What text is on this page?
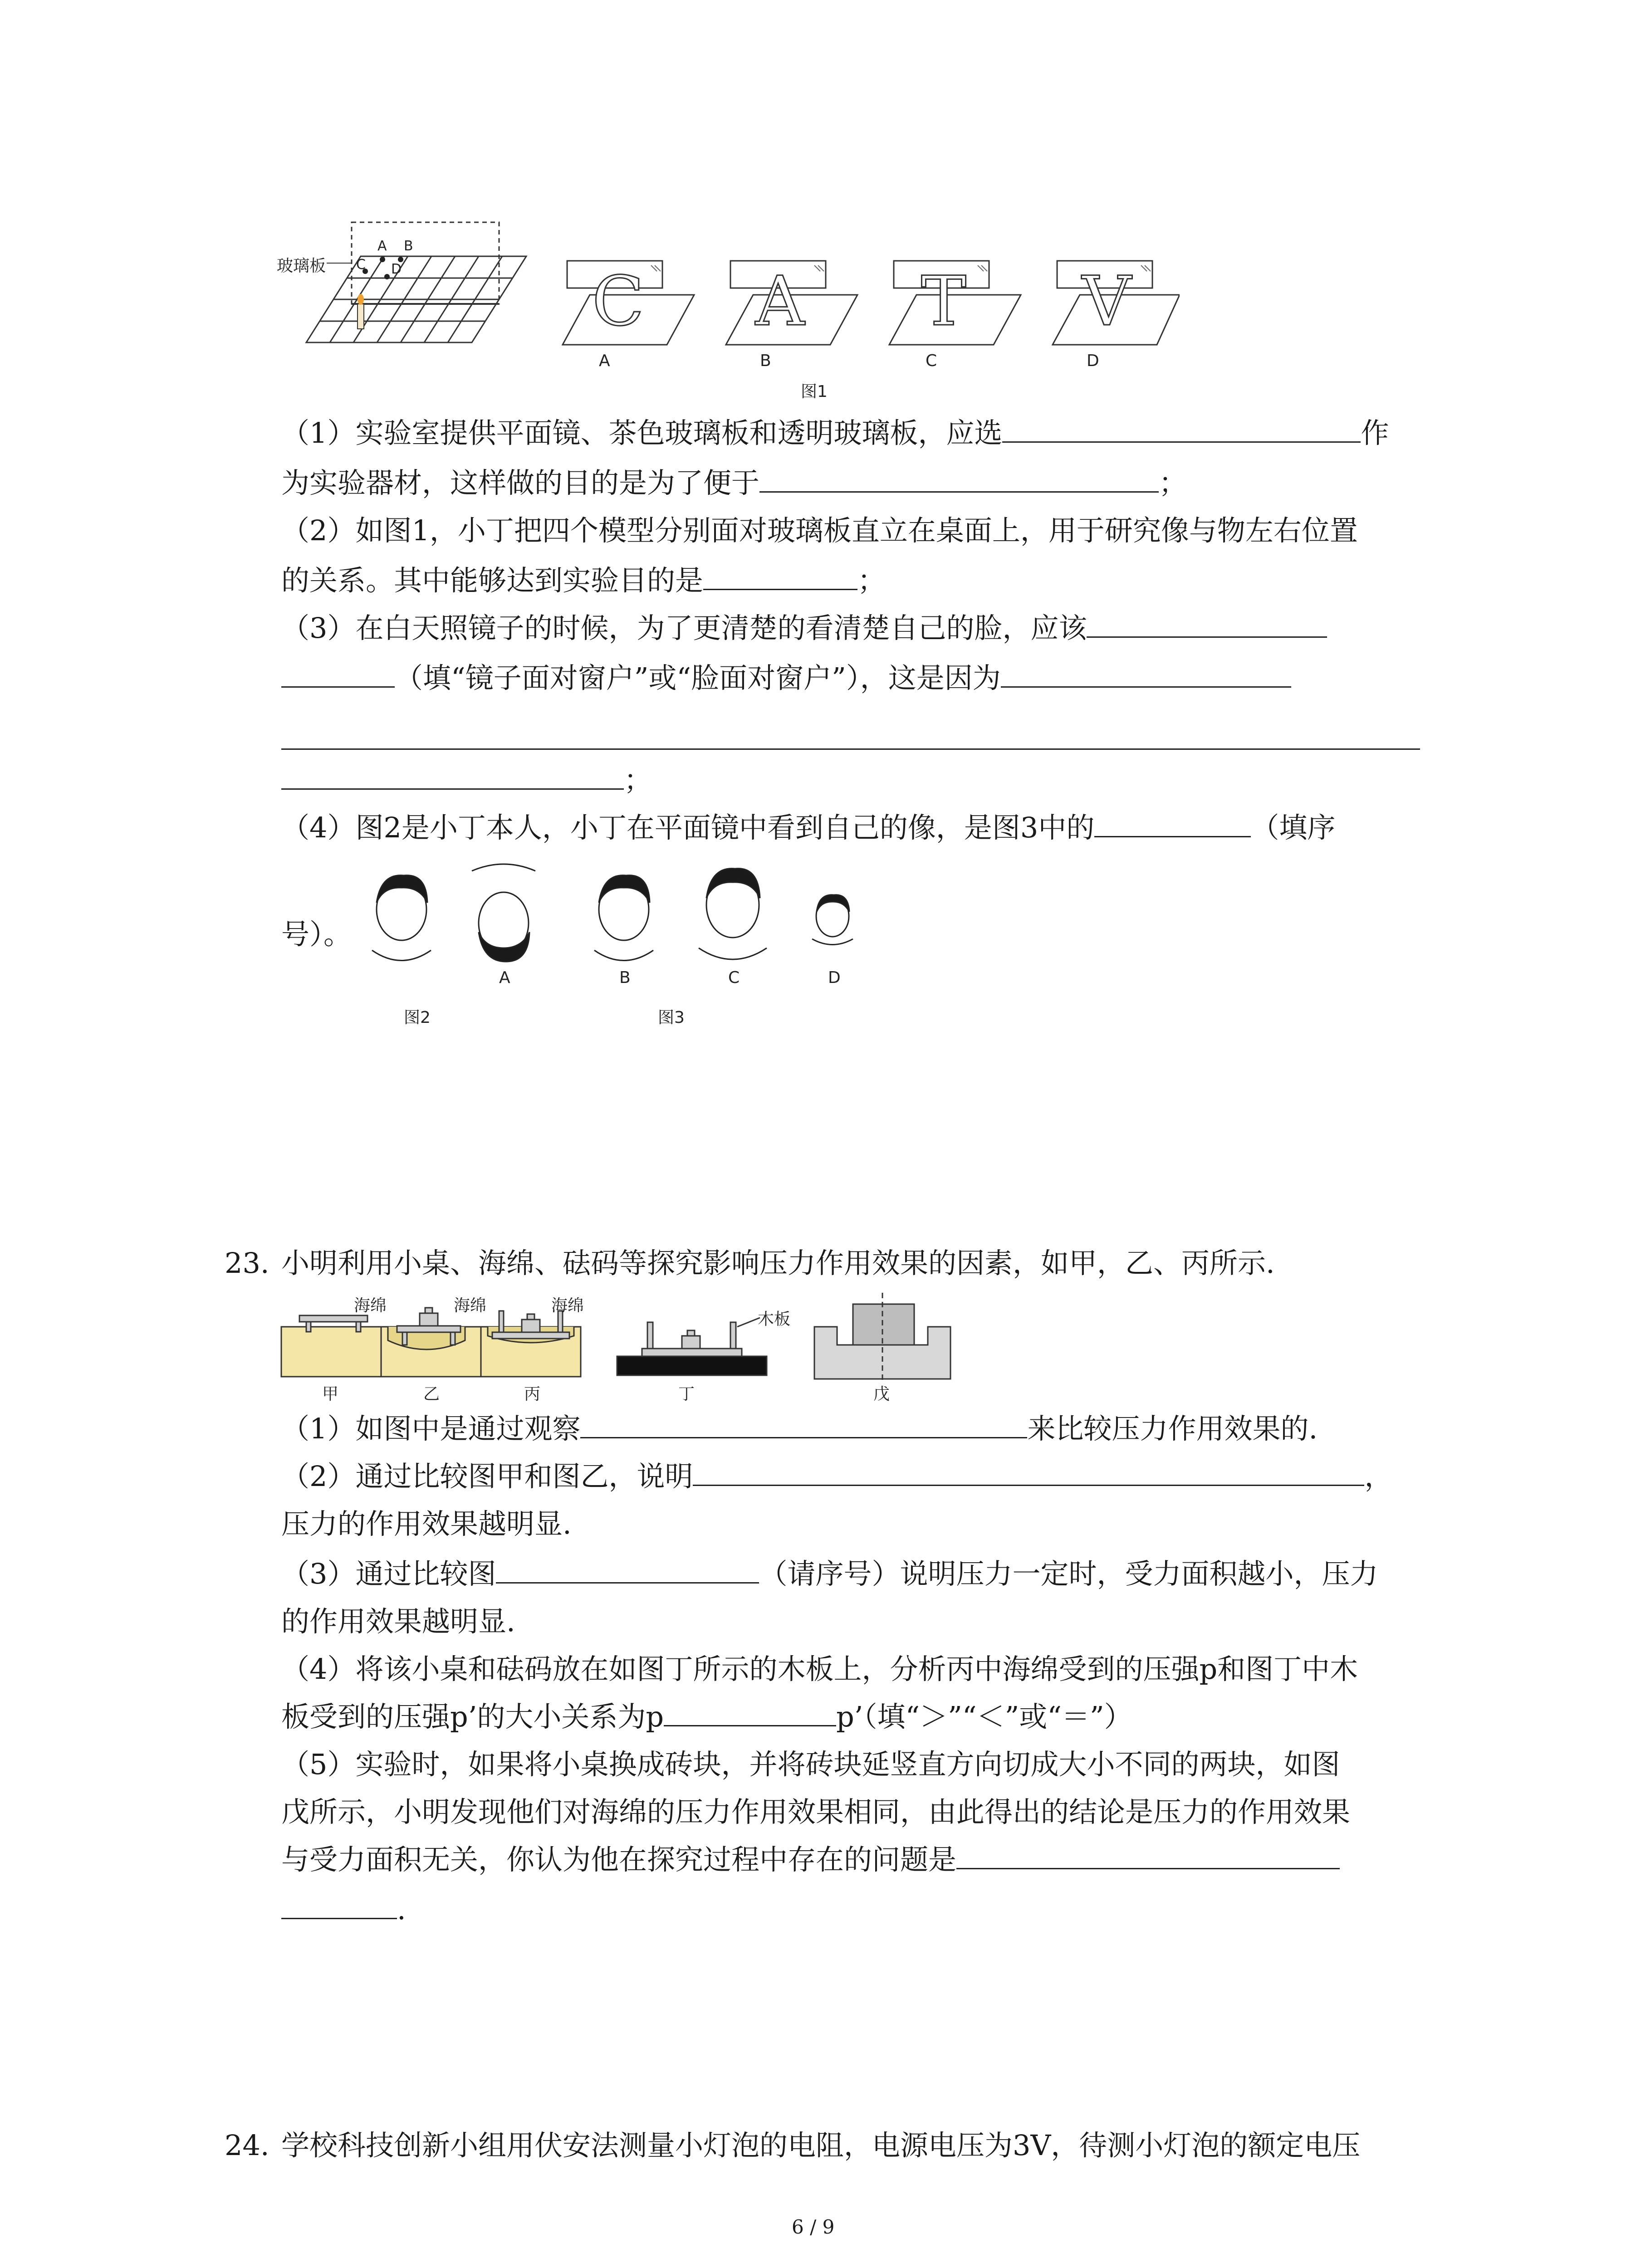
玻璃板
A B
C D	C A T V
A	B	C	D
图1
（1）实验室提供平面镜、茶色玻璃板和透明玻璃板，应选	作
为实验器材，这样做的目的是为了便于	；
（2）如图1，小丁把四个模型分别面对玻璃板直立在桌面上，用于研究像与物左右位置
的关系。其中能够达到实验目的是	；
（3）在白天照镜子的时候，为了更清楚的看清楚自己的脸，应该
（填“镜子面对窗户”或“脸面对窗户”），这是因为
；
（4）图2是小丁本人，小丁在平面镜中看到自己的像，是图3中的	（填序
号）。
A	B	C	D
图2	图3
23. 小明利用小桌、海绵、砝码等探究影响压力作用效果的因素，如甲，乙、丙所示.
海绵	海绵	海绵
木板
甲	乙	丙	丁	戊
（1）如图中是通过观察	来比较压力作用效果的.
（2）通过比较图甲和图乙，说明	，
压力的作用效果越明显.
（3）通过比较图	（请序号）说明压力一定时，受力面积越小，压力
的作用效果越明显.
（4）将该小桌和砝码放在如图丁所示的木板上，分析丙中海绵受到的压强p和图丁中木
板受到的压强p’的大小关系为p	p’（填“＞”“＜”或“＝”）
（5）实验时，如果将小桌换成砖块，并将砖块延竖直方向切成大小不同的两块，如图
戊所示，小明发现他们对海绵的压力作用效果相同，由此得出的结论是压力的作用效果
与受力面积无关，你认为他在探究过程中存在的问题是
.
24. 学校科技创新小组用伏安法测量小灯泡的电阻，电源电压为3V，待测小灯泡的额定电压
6 / 9
